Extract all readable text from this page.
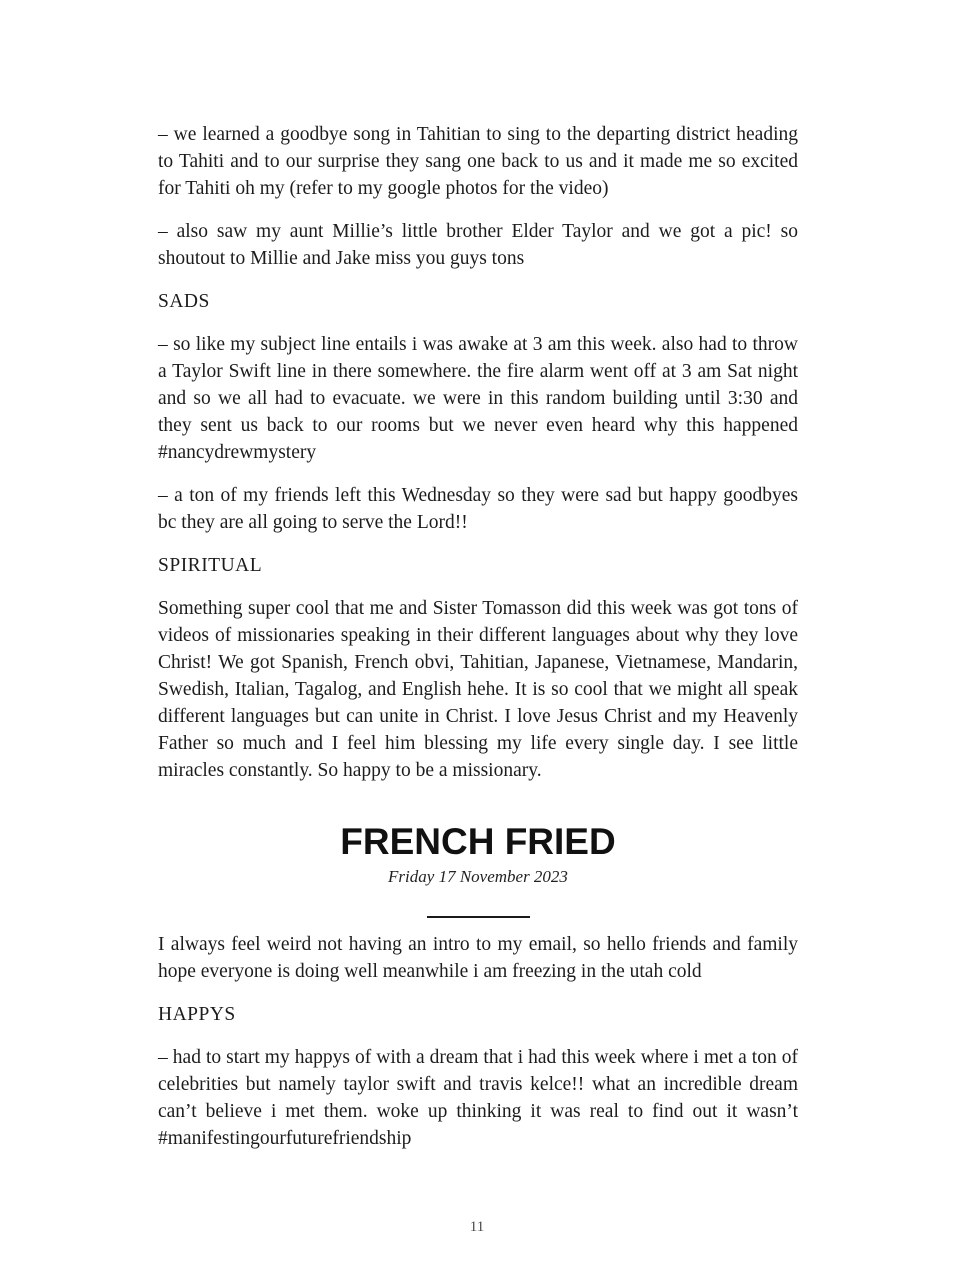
– we learned a goodbye song in Tahitian to sing to the departing district heading to Tahiti and to our surprise they sang one back to us and it made me so excited for Tahiti oh my (refer to my google photos for the video)

– also saw my aunt Millie’s little brother Elder Taylor and we got a pic! so shoutout to Millie and Jake miss you guys tons

SADS

– so like my subject line entails i was awake at 3 am this week. also had to throw a Taylor Swift line in there somewhere. the fire alarm went off at 3 am Sat night and so we all had to evacuate. we were in this random building until 3:30 and they sent us back to our rooms but we never even heard why this happened #nancydrewmystery

– a ton of my friends left this Wednesday so they were sad but happy goodbyes bc they are all going to serve the Lord!!

SPIRITUAL

Something super cool that me and Sister Tomasson did this week was got tons of videos of missionaries speaking in their different languages about why they love Christ! We got Spanish, French obvi, Tahitian, Japanese, Vietnamese, Mandarin, Swedish, Italian, Tagalog, and English hehe. It is so cool that we might all speak different languages but can unite in Christ. I love Jesus Christ and my Heavenly Father so much and I feel him blessing my life every single day. I see little miracles constantly. So happy to be a missionary.

FRENCH FRIED

Friday 17 November 2023

I always feel weird not having an intro to my email, so hello friends and family hope everyone is doing well meanwhile i am freezing in the utah cold

HAPPYS

– had to start my happys of with a dream that i had this week where i met a ton of celebrities but namely taylor swift and travis kelce!! what an incredible dream can’t believe i met them. woke up thinking it was real to find out it wasn’t #manifestingourfuturefriendship

11
